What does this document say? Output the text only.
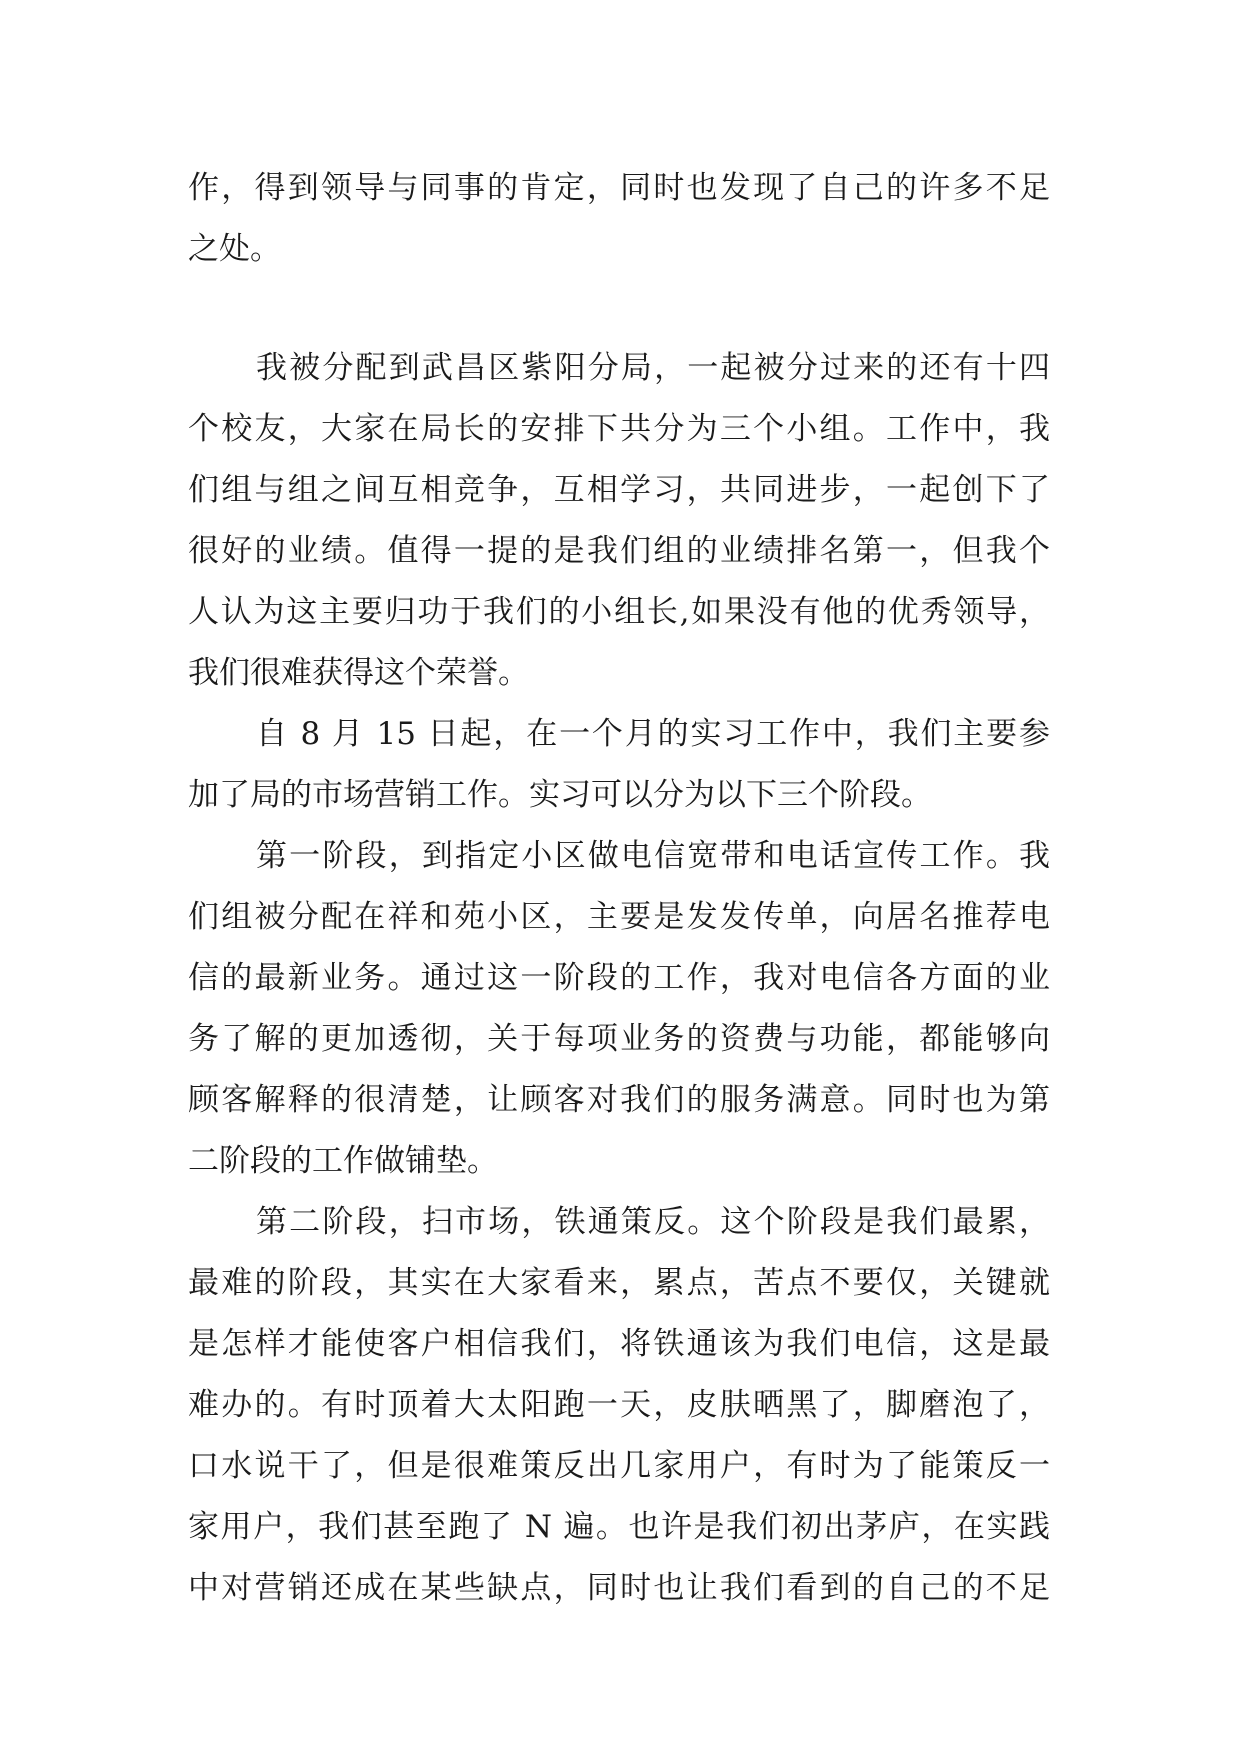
作，得到领导与同事的肯定，同时也发现了自己的许多不足
之处。
我被分配到武昌区紫阳分局，一起被分过来的还有十四
个校友，大家在局长的安排下共分为三个小组。工作中，我
们组与组之间互相竞争，互相学习，共同进步，一起创下了
很好的业绩。值得一提的是我们组的业绩排名第一，但我个
人认为这主要归功于我们的小组长,如果没有他的优秀领导，
我们很难获得这个荣誉。
自 8 月 15 日起，在一个月的实习工作中，我们主要参
加了局的市场营销工作。实习可以分为以下三个阶段。
第一阶段，到指定小区做电信宽带和电话宣传工作。我
们组被分配在祥和苑小区，主要是发发传单，向居名推荐电
信的最新业务。通过这一阶段的工作，我对电信各方面的业
务了解的更加透彻，关于每项业务的资费与功能，都能够向
顾客解释的很清楚，让顾客对我们的服务满意。同时也为第
二阶段的工作做铺垫。
第二阶段，扫市场，铁通策反。这个阶段是我们最累，
最难的阶段，其实在大家看来，累点，苦点不要仅，关键就
是怎样才能使客户相信我们，将铁通该为我们电信，这是最
难办的。有时顶着大太阳跑一天，皮肤晒黑了，脚磨泡了，
口水说干了，但是很难策反出几家用户，有时为了能策反一
家用户，我们甚至跑了 N 遍。也许是我们初出茅庐，在实践
中对营销还成在某些缺点，同时也让我们看到的自己的不足
